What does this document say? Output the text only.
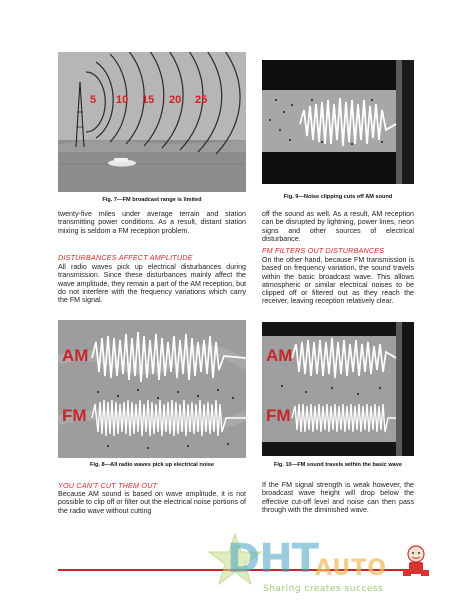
5 10 15 20 25
Fig. 7—FM broadcast range is limited	Fig. 9—Noise clipping cuts off AM sound
twenty-five miles under average terrain and station transmitting power conditions. As a result, distant station mixing is seldom a FM reception problem.
DISTURBANCES AFFECT AMPLITUDE
All radio waves pick up electrical disturbances during transmission. Since these disturbances mainly affect the wave amplitude, they remain a part of the AM reception, but do not interfere with the frequency variations which carry the FM signal.
off the sound as well. As a result, AM reception can be disrupted by lightning, power lines, neon signs and other sources of electrical disturbance.
FM FILTERS OUT DISTURBANCES
On the other hand, because FM transmission is based on frequency variation, the sound travels within the basic broadcast wave. This allows atmospheric or similar electrical noises to be clipped off or filtered out as they reach the receiver, leaving reception relatively clear.
AM
FM
Fig. 8—All radio waves pick up electrical noise
AM
FM
Fig. 10—FM sound travels within the basic wave
YOU CAN'T CUT THEM OUT
Because AM sound is based on wave amplitude, it is not possible to clip off or filter out the electrical noise portions of the radio wave without cutting
If the FM signal strength is weak however, the broadcast wave height will drop below the effective cut-off level and noise can then pass through with the diminished wave.
DHT
AUTO
Sharing creates success
